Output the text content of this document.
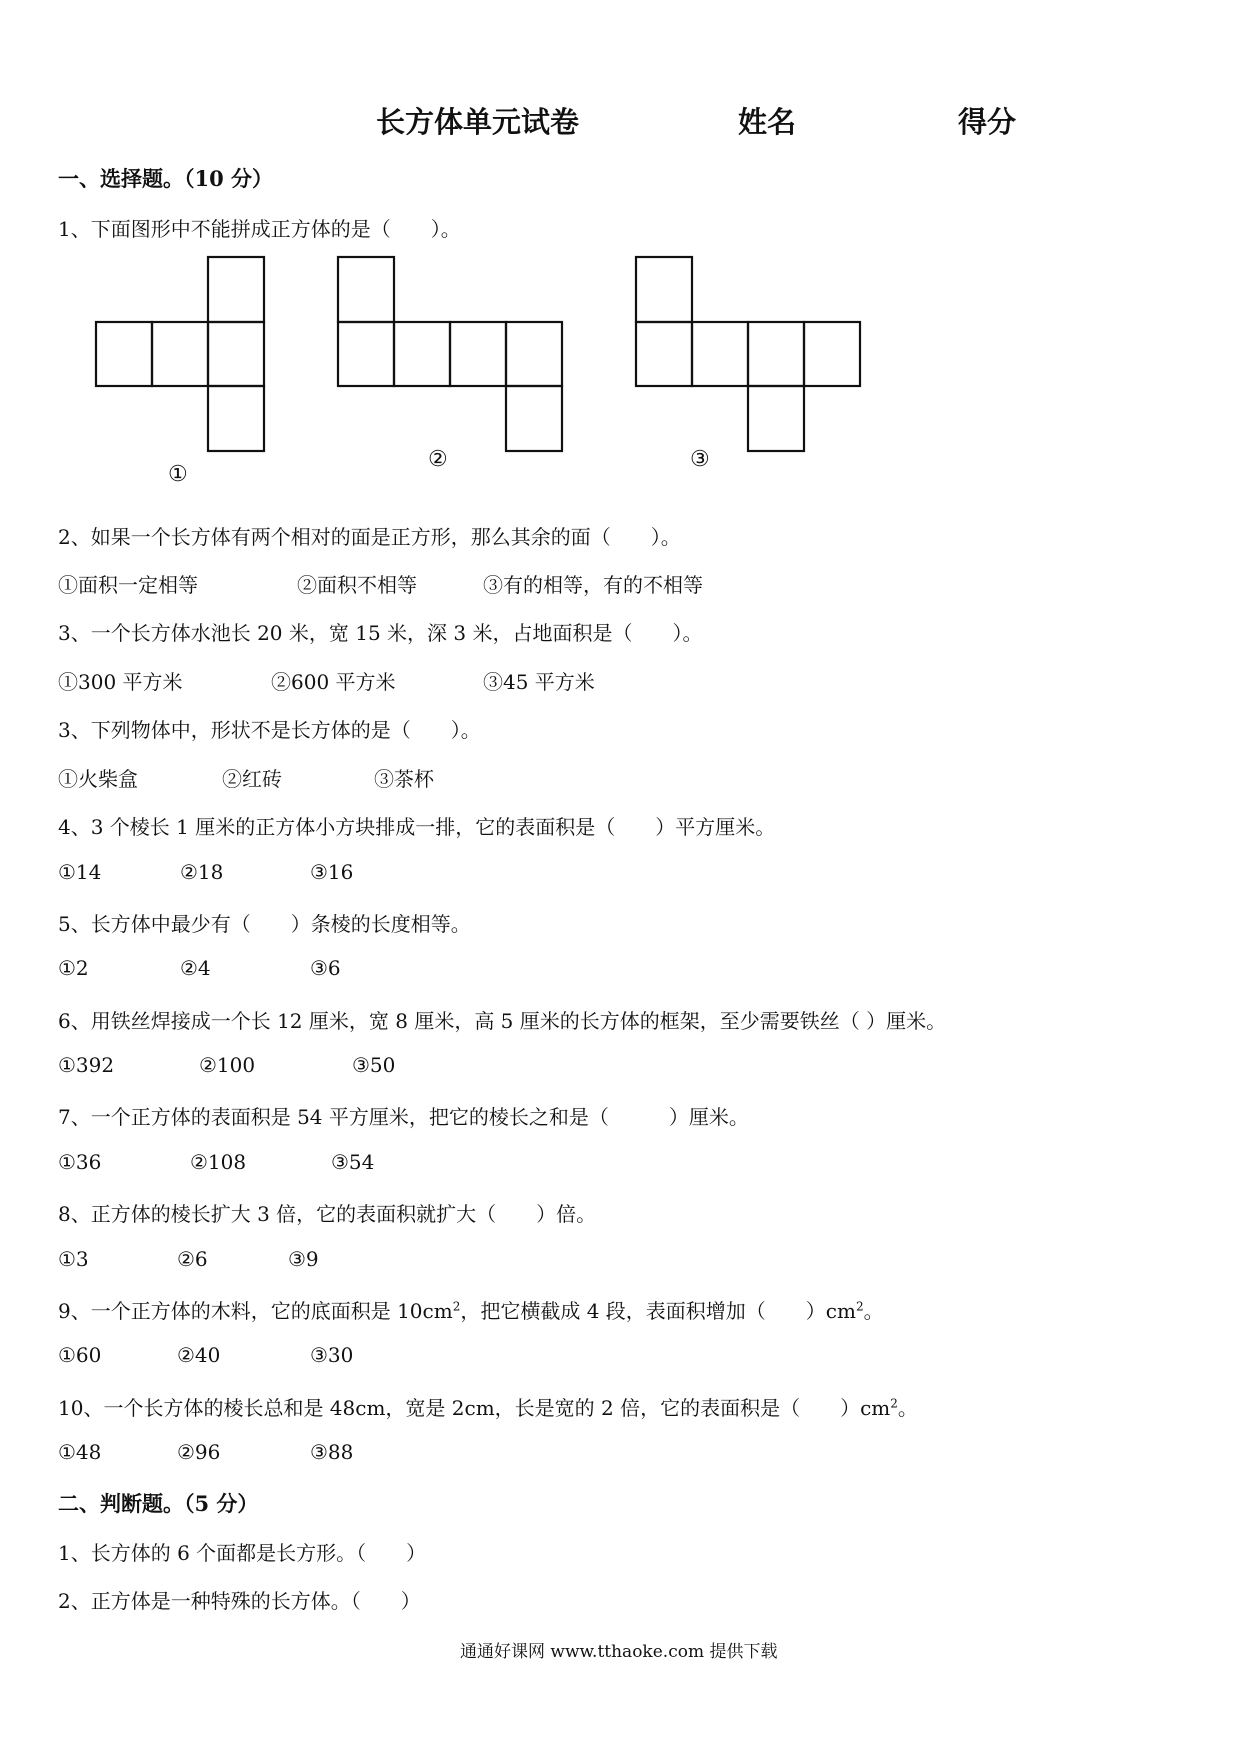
长方体单元试卷	姓名	得分
一、选择题。（10 分）
1、下面图形中不能拼成正方体的是（　　）。
①
②	③
2、如果一个长方体有两个相对的面是正方形，那么其余的面（　　）。
①面积一定相等	②面积不相等	③有的相等，有的不相等
3、一个长方体水池长 20 米，宽 15 米，深 3 米，占地面积是（　　）。
①300 平方米	②600 平方米	③45 平方米
3、下列物体中，形状不是长方体的是（　　）。
①火柴盒	②红砖	③茶杯
4、3 个棱长 1 厘米的正方体小方块排成一排，它的表面积是（　　）平方厘米。
①14	②18	③16
5、长方体中最少有（　　）条棱的长度相等。
①2	②4	③6
6、用铁丝焊接成一个长 12 厘米，宽 8 厘米，高 5 厘米的长方体的框架，至少需要铁丝（ ）厘米。
①392	②100	③50
7、一个正方体的表面积是 54 平方厘米，把它的棱长之和是（　　　）厘米。
①36	②108	③54
8、正方体的棱长扩大 3 倍，它的表面积就扩大（　　）倍。
①3	②6	③9
9、一个正方体的木料，它的底面积是 $10cm^2$，把它横截成 4 段，表面积增加（　　）$cm^2$。
①60	②40	③30
10、一个长方体的棱长总和是 48cm，宽是 2cm，长是宽的 2 倍，它的表面积是（　　）$cm^2$。
①48	②96	③88
二、判断题。（5 分）
1、长方体的 6 个面都是长方形。（　　）
2、正方体是一种特殊的长方体。（　　）
通通好课网 www.tthaoke.com 提供下载
